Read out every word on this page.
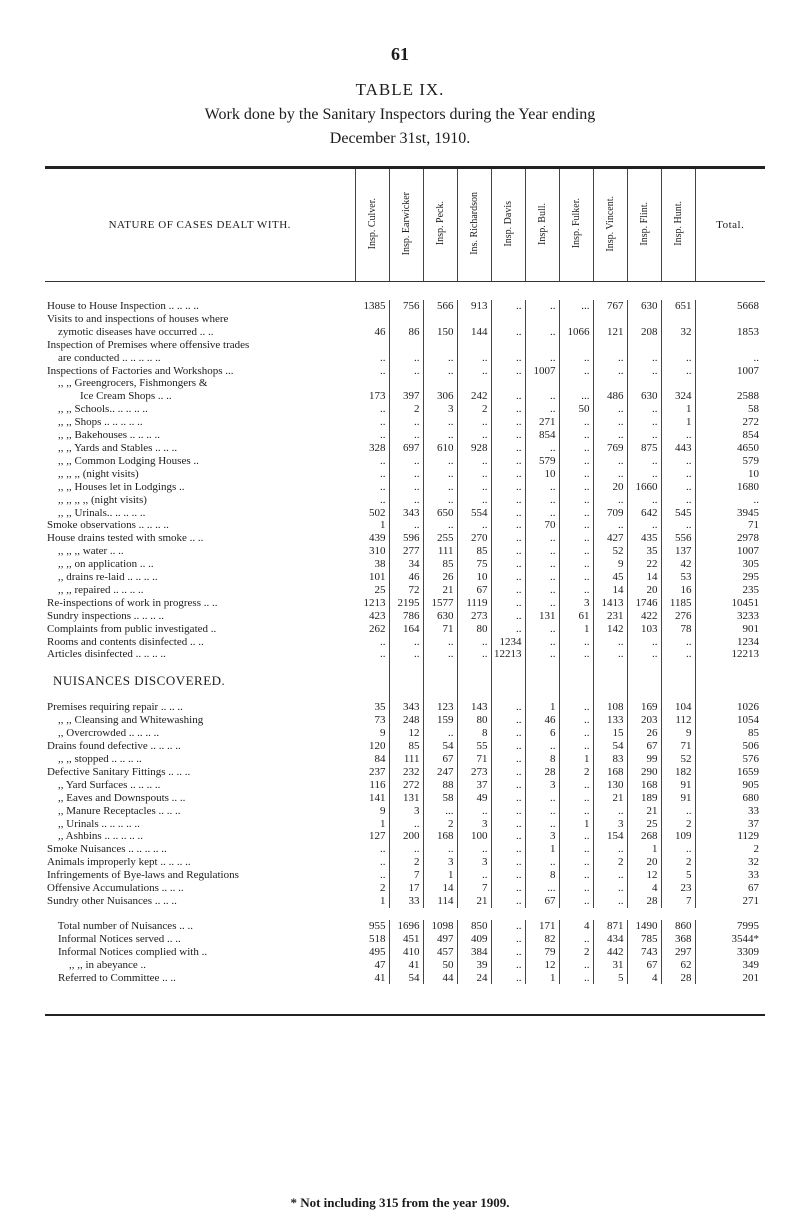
61
TABLE IX.
Work done by the Sanitary Inspectors during the Year ending
December 31st, 1910.
NATURE OF CASES DEALT WITH.	Insp. Culver.	Insp. Earwicker	Insp. Peck.	Ins. Richardson	Insp. Davis	Insp. Bull.	Insp. Fulker.	Insp. Vincent.	Insp. Flint.	Insp. Hunt.	Total.

House to House Inspection .. .. .. ..	1385	756	566	913	..	..	...	767	630	651	5668
Visits to and inspections of houses where											
zymotic diseases have occurred .. ..	46	86	150	144	..	..	1066	121	208	32	1853
Inspection of Premises where offensive trades											
are conducted .. .. .. .. ..	..	..	..	..	..	..	..	..	..	..	..
Inspections of Factories and Workshops ...	..	..	..	..	..	1007	..	..	..	..	1007
,, ,, Greengrocers, Fishmongers &											
Ice Cream Shops .. ..	173	397	306	242	..	..	...	486	630	324	2588
,, ,, Schools.. .. .. .. ..	..	2	3	2	..	..	50	..	..	1	58
,, ,, Shops .. .. .. .. ..	..	..	..	..	..	271	..	..	..	1	272
,, ,, Bakehouses .. .. .. ..	..	..	..	..	..	854	..	..	..	..	854
,, ,, Yards and Stables .. .. ..	328	697	610	928	..	..	..	769	875	443	4650
,, ,, Common Lodging Houses ..	..	..	..	..	..	579	..	..	..	..	579
,, ,, ,, (night visits)	..	..	..	..	..	10	..	..	..	..	10
,, ,, Houses let in Lodgings ..	..	..	..	..	..	..	..	20	1660	..	1680
,, ,, ,, ,, (night visits)	..	..	..	..	..	..	..	..	..	..	..
,, ,, Urinals.. .. .. .. ..	502	343	650	554	..	..	..	709	642	545	3945
Smoke observations .. .. .. ..	1	..	..	..	..	70	..	..	..	..	71
House drains tested with smoke .. ..	439	596	255	270	..	..	..	427	435	556	2978
,, ,, ,, water .. ..	310	277	111	85	..	..	..	52	35	137	1007
,, ,, on application .. ..	38	34	85	75	..	..	..	9	22	42	305
,, drains re-laid .. .. .. ..	101	46	26	10	..	..	..	45	14	53	295
,, ,, repaired .. .. .. ..	25	72	21	67	..	..	..	14	20	16	235
Re-inspections of work in progress .. ..	1213	2195	1577	1119	..	..	3	1413	1746	1185	10451
Sundry inspections .. .. .. ..	423	786	630	273	..	131	61	231	422	276	3233
Complaints from public investigated ..	262	164	71	80	..	..	1	142	103	78	901
Rooms and contents disinfected .. ..	..	..	..	..	1234	..	..	..	..	..	1234
Articles disinfected .. .. .. ..	..	..	..	..	12213	..	..	..	..	..	12213
NUISANCES DISCOVERED.											
Premises requiring repair .. .. ..	35	343	123	143	..	1	..	108	169	104	1026
,, ,, Cleansing and Whitewashing	73	248	159	80	..	46	..	133	203	112	1054
,, Overcrowded .. .. .. ..	9	12	..	8	..	6	..	15	26	9	85
Drains found defective .. .. .. ..	120	85	54	55	..	..	..	54	67	71	506
,, ,, stopped .. .. .. ..	84	111	67	71	..	8	1	83	99	52	576
Defective Sanitary Fittings .. .. ..	237	232	247	273	..	28	2	168	290	182	1659
,, Yard Surfaces .. .. .. ..	116	272	88	37	..	3	..	130	168	91	905
,, Eaves and Downspouts .. ..	141	131	58	49	..	..	..	21	189	91	680
,, Manure Receptacles .. .. ..	9	3	...	..	..	..	..	..	21	..	33
,, Urinals .. .. .. .. ..	1	..	2	3	..	..	1	3	25	2	37
,, Ashbins .. .. .. .. ..	127	200	168	100	..	3	..	154	268	109	1129
Smoke Nuisances .. .. .. .. ..	..	..	..	..	..	1	..	..	1	..	2
Animals improperly kept .. .. .. ..	..	2	3	3	..	..	..	2	20	2	32
Infringements of Bye-laws and Regulations	..	7	1	..	..	8	..	..	12	5	33
Offensive Accumulations .. .. ..	2	17	14	7	..	...	..	..	4	23	67
Sundry other Nuisances .. .. ..	1	33	114	21	..	67	..	..	28	7	271

Total number of Nuisances .. ..	955	1696	1098	850	..	171	4	871	1490	860	7995
Informal Notices served .. ..	518	451	497	409	..	82	..	434	785	368	3544*
Informal Notices complied with ..	495	410	457	384	..	79	2	442	743	297	3309
,, ,, in abeyance ..	47	41	50	39	..	12	..	31	67	62	349
Referred to Committee .. ..	41	54	44	24	..	1	..	5	4	28	201

* Not including 315 from the year 1909.
